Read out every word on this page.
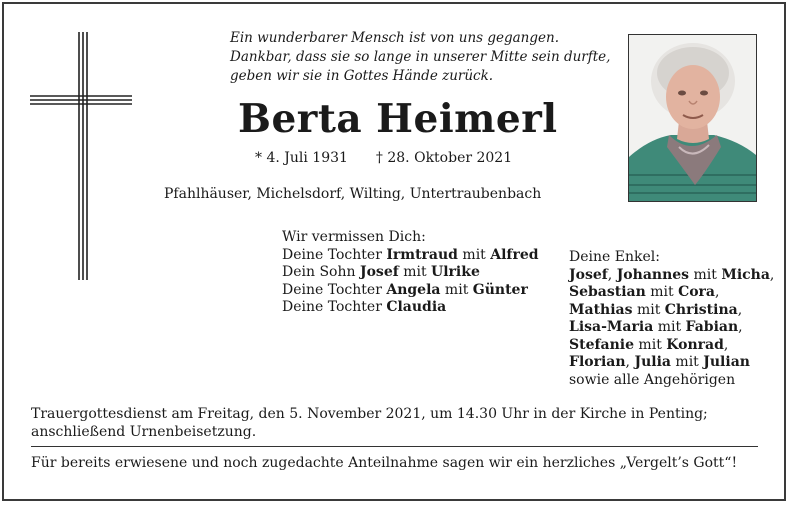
Ein wunderbarer Mensch ist von uns gegangen.
Dankbar, dass sie so lange in unserer Mitte sein durfte,
geben wir sie in Gottes Hände zurück.
Berta Heimerl
* 4. Juli 1931 † 28. Oktober 2021
Pfahlhäuser, Michelsdorf, Wilting, Untertraubenbach
Wir vermissen Dich:
Deine Tochter Irmtraud mit Alfred
Dein Sohn Josef mit Ulrike
Deine Tochter Angela mit Günter
Deine Tochter Claudia
Deine Enkel:
Josef, Johannes mit Micha,
Sebastian mit Cora,
Mathias mit Christina,
Lisa-Maria mit Fabian,
Stefanie mit Konrad,
Florian, Julia mit Julian
sowie alle Angehörigen
Trauergottesdienst am Freitag, den 5. November 2021, um 14.30 Uhr in der Kirche in Penting;
anschließend Urnenbeisetzung.
Für bereits erwiesene und noch zugedachte Anteilnahme sagen wir ein herzliches „Vergelt’s Gott“!
